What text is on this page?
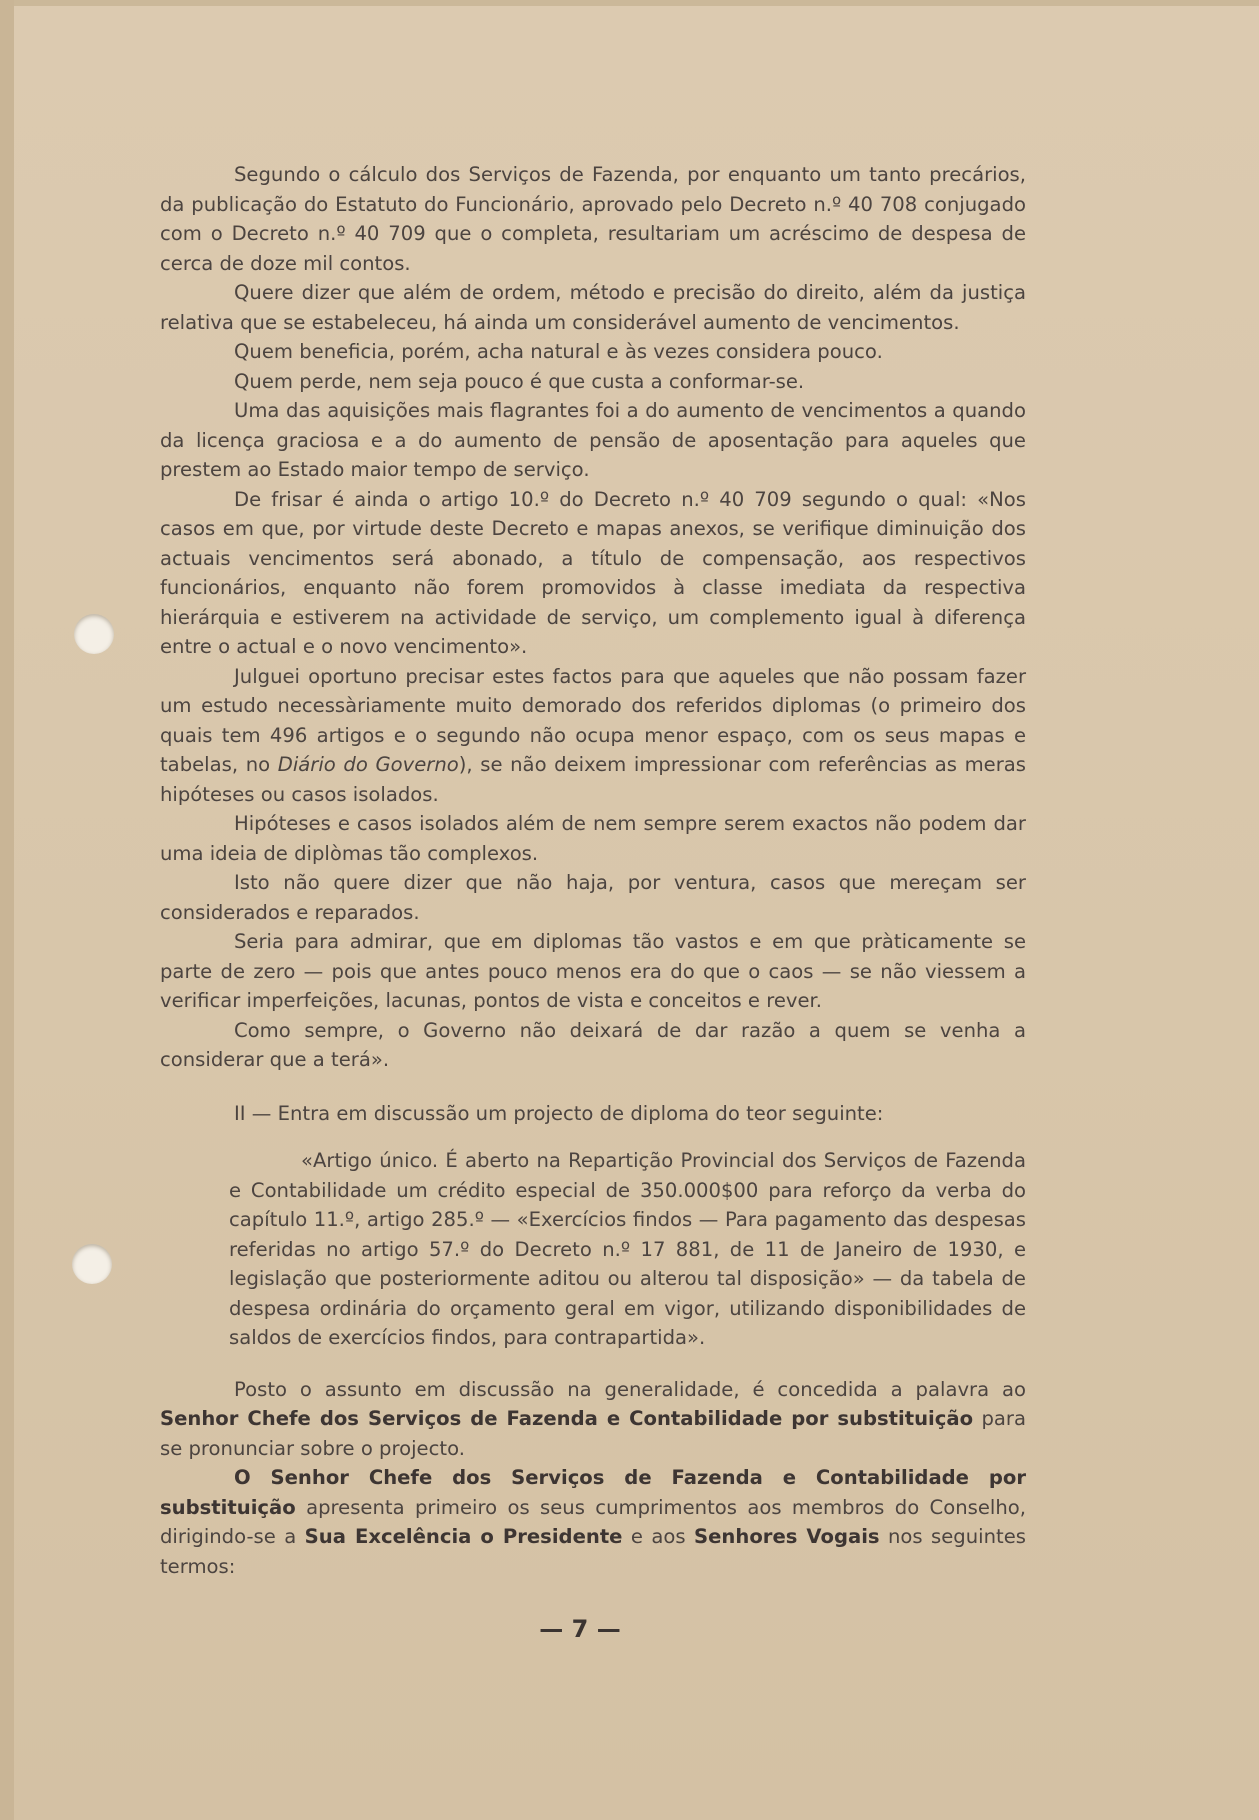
Segundo o cálculo dos Serviços de Fazenda, por enquanto um tanto precários, da publicação do Estatuto do Funcionário, aprovado pelo Decreto n.º 40 708 conjugado com o Decreto n.º 40 709 que o completa, resultariam um acréscimo de despesa de cerca de doze mil contos.

Quere dizer que além de ordem, método e precisão do direito, além da justiça relativa que se estabeleceu, há ainda um considerável aumento de vencimentos.

Quem beneficia, porém, acha natural e às vezes considera pouco.

Quem perde, nem seja pouco é que custa a conformar-se.

Uma das aquisições mais flagrantes foi a do aumento de vencimentos a quando da licença graciosa e a do aumento de pensão de aposentação para aqueles que prestem ao Estado maior tempo de serviço.

De frisar é ainda o artigo 10.º do Decreto n.º 40 709 segundo o qual: «Nos casos em que, por virtude deste Decreto e mapas anexos, se verifique diminuição dos actuais vencimentos será abonado, a título de compensação, aos respectivos funcionários, enquanto não forem promovidos à classe imediata da respectiva hierárquia e estiverem na actividade de serviço, um complemento igual à diferença entre o actual e o novo vencimento».

Julguei oportuno precisar estes factos para que aqueles que não possam fazer um estudo necessàriamente muito demorado dos referidos diplomas (o primeiro dos quais tem 496 artigos e o segundo não ocupa menor espaço, com os seus mapas e tabelas, no Diário do Governo), se não deixem impressionar com referências as meras hipóteses ou casos isolados.

Hipóteses e casos isolados além de nem sempre serem exactos não podem dar uma ideia de diplòmas tão complexos.

Isto não quere dizer que não haja, por ventura, casos que mereçam ser considerados e reparados.

Seria para admirar, que em diplomas tão vastos e em que pràticamente se parte de zero — pois que antes pouco menos era do que o caos — se não viessem a verificar imperfeições, lacunas, pontos de vista e conceitos e rever.

Como sempre, o Governo não deixará de dar razão a quem se venha a considerar que a terá».

II — Entra em discussão um projecto de diploma do teor seguinte:

«Artigo único. É aberto na Repartição Provincial dos Serviços de Fazenda e Contabilidade um crédito especial de 350.000$00 para reforço da verba do capítulo 11.º, artigo 285.º — «Exercícios findos — Para pagamento das despesas referidas no artigo 57.º do Decreto n.º 17 881, de 11 de Janeiro de 1930, e legislação que posteriormente aditou ou alterou tal disposição» — da tabela de despesa ordinária do orçamento geral em vigor, utilizando disponibilidades de saldos de exercícios findos, para contrapartida».

Posto o assunto em discussão na generalidade, é concedida a palavra ao Senhor Chefe dos Serviços de Fazenda e Contabilidade por substituição para se pronunciar sobre o projecto.

O Senhor Chefe dos Serviços de Fazenda e Contabilidade por substituição apresenta primeiro os seus cumprimentos aos membros do Conselho, dirigindo-se a Sua Excelência o Presidente e aos Senhores Vogais nos seguintes termos:

— 7 —
